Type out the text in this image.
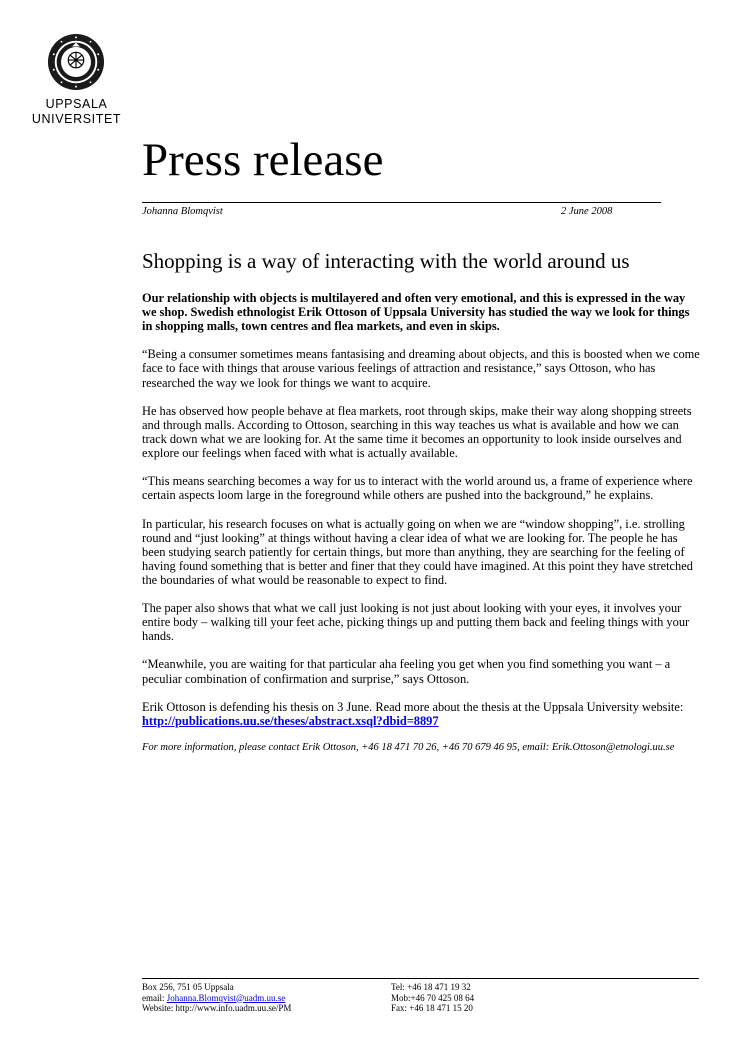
UPPSALA
UNIVERSITET
Press release
Johanna Blomqvist	2 June 2008
Shopping is a way of interacting with the world around us

Our relationship with objects is multilayered and often very emotional, and this is expressed in the way we shop. Swedish ethnologist Erik Ottoson of Uppsala University has studied the way we look for things in shopping malls, town centres and flea markets, and even in skips.

“Being a consumer sometimes means fantasising and dreaming about objects, and this is boosted when we come face to face with things that arouse various feelings of attraction and resistance,” says Ottoson, who has researched the way we look for things we want to acquire.

He has observed how people behave at flea markets, root through skips, make their way along shopping streets and through malls. According to Ottoson, searching in this way teaches us what is available and how we can track down what we are looking for. At the same time it becomes an opportunity to look inside ourselves and explore our feelings when faced with what is actually available.

“This means searching becomes a way for us to interact with the world around us, a frame of experience where certain aspects loom large in the foreground while others are pushed into the background,” he explains.

In particular, his research focuses on what is actually going on when we are “window shopping”, i.e. strolling round and “just looking” at things without having a clear idea of what we are looking for. The people he has been studying search patiently for certain things, but more than anything, they are searching for the feeling of having found something that is better and finer that they could have imagined. At this point they have stretched the boundaries of what would be reasonable to expect to find.

The paper also shows that what we call just looking is not just about looking with your eyes, it involves your entire body – walking till your feet ache, picking things up and putting them back and feeling things with your hands.

“Meanwhile, you are waiting for that particular aha feeling you get when you find something you want – a peculiar combination of confirmation and surprise,” says Ottoson.

Erik Ottoson is defending his thesis on 3 June. Read more about the thesis at the Uppsala University website: http://publications.uu.se/theses/abstract.xsql?dbid=8897

For more information, please contact Erik Ottoson, +46 18 471 70 26, +46 70 679 46 95, email: Erik.Ottoson@etnologi.uu.se

Box 256, 751 05 Uppsala
email: Johanna.Blomqvist@uadm.uu.se
Website: http://www.info.uadm.uu.se/PM
Tel: +46 18 471 19 32
Mob:+46 70 425 08 64
Fax: +46 18 471 15 20
